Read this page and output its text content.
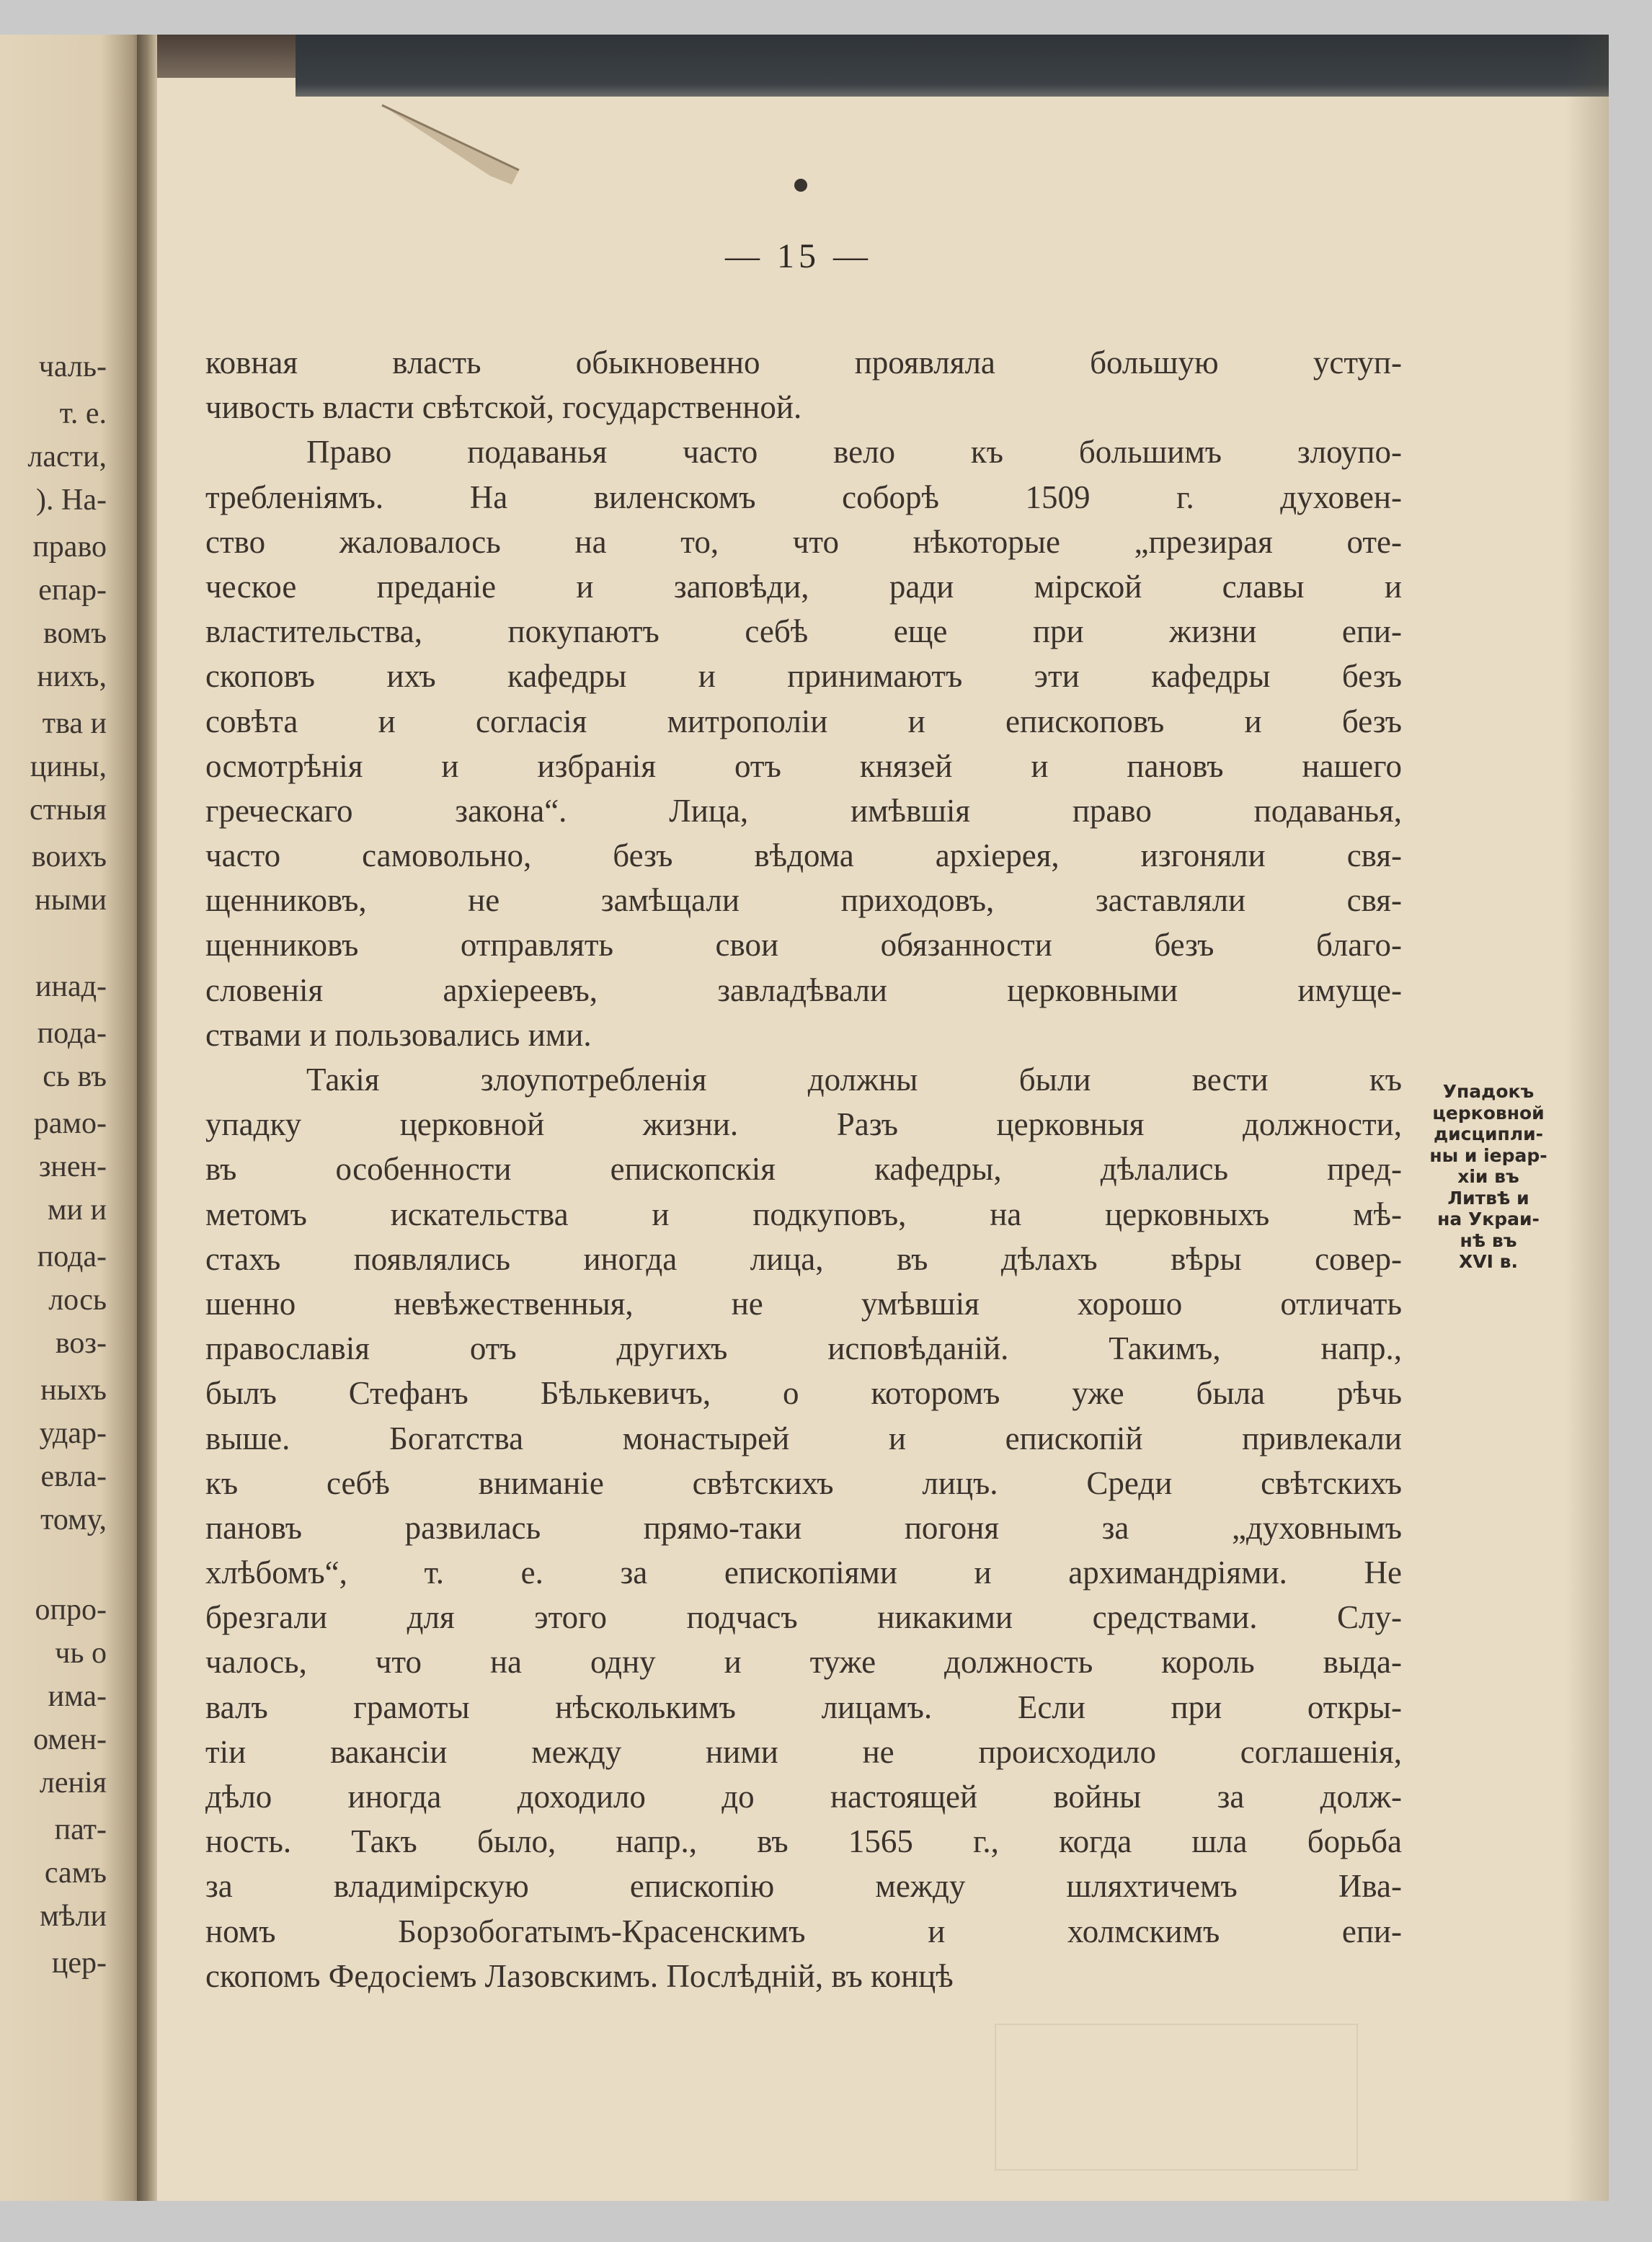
чаль-
т. е.
ласти,
). На-
право
епар-
вомъ
нихъ,
тва и
цины,
стныя
воихъ
ными
инад-
пода-
сь въ
рамо-
знен-
ми и
пода-
лось
воз-
ныхъ
удар-
евла-
тому,
опро-
чь о
има-
омен-
ленія
пат-
самъ
мѣли
цер-
— 15 —
ковная власть обыкновенно проявляла большую уступ-
чивость власти свѣтской, государственной.
Право подаванья часто вело къ большимъ злоупо-
требленіямъ. На виленскомъ соборѣ 1509 г. духовен-
ство жаловалось на то, что нѣкоторые „презирая оте-
ческое преданіе и заповѣди, ради мірской славы и
властительства, покупаютъ себѣ еще при жизни епи-
скоповъ ихъ кафедры и принимаютъ эти кафедры безъ
совѣта и согласія митрополіи и епископовъ и безъ
осмотрѣнія и избранія отъ князей и пановъ нашего
греческаго закона“. Лица, имѣвшія право подаванья,
часто самовольно, безъ вѣдома архіерея, изгоняли свя-
щенниковъ, не замѣщали приходовъ, заставляли свя-
щенниковъ отправлять свои обязанности безъ благо-
словенія архіереевъ, завладѣвали церковными имуще-
ствами и пользовались ими.
Такія злоупотребленія должны были вести къ
упадку церковной жизни. Разъ церковныя должности,
въ особенности епископскія кафедры, дѣлались пред-
метомъ искательства и подкуповъ, на церковныхъ мѣ-
стахъ появлялись иногда лица, въ дѣлахъ вѣры совер-
шенно невѣжественныя, не умѣвшія хорошо отличать
православія отъ другихъ исповѣданій. Такимъ, напр.,
былъ Стефанъ Бѣлькевичъ, о которомъ уже была рѣчь
выше. Богатства монастырей и епископій привлекали
къ себѣ вниманіе свѣтскихъ лицъ. Среди свѣтскихъ
пановъ развилась прямо-таки погоня за „духовнымъ
хлѣбомъ“, т. е. за епископіями и архимандріями. Не
брезгали для этого подчасъ никакими средствами. Слу-
чалось, что на одну и туже должность король выда-
валъ грамоты нѣсколькимъ лицамъ. Если при откры-
тіи вакансіи между ними не происходило соглашенія,
дѣло иногда доходило до настоящей войны за долж-
ность. Такъ было, напр., въ 1565 г., когда шла борьба
за владимірскую епископію между шляхтичемъ Ива-
номъ Борзобогатымъ-Красенскимъ и холмскимъ епи-
скопомъ Федосіемъ Лазовскимъ. Послѣдній, въ концѣ
Упадокъ
церковной
дисципли-
ны и іерар-
хіи въ
Литвѣ и
на Украи-
нѣ въ
XVI в.
